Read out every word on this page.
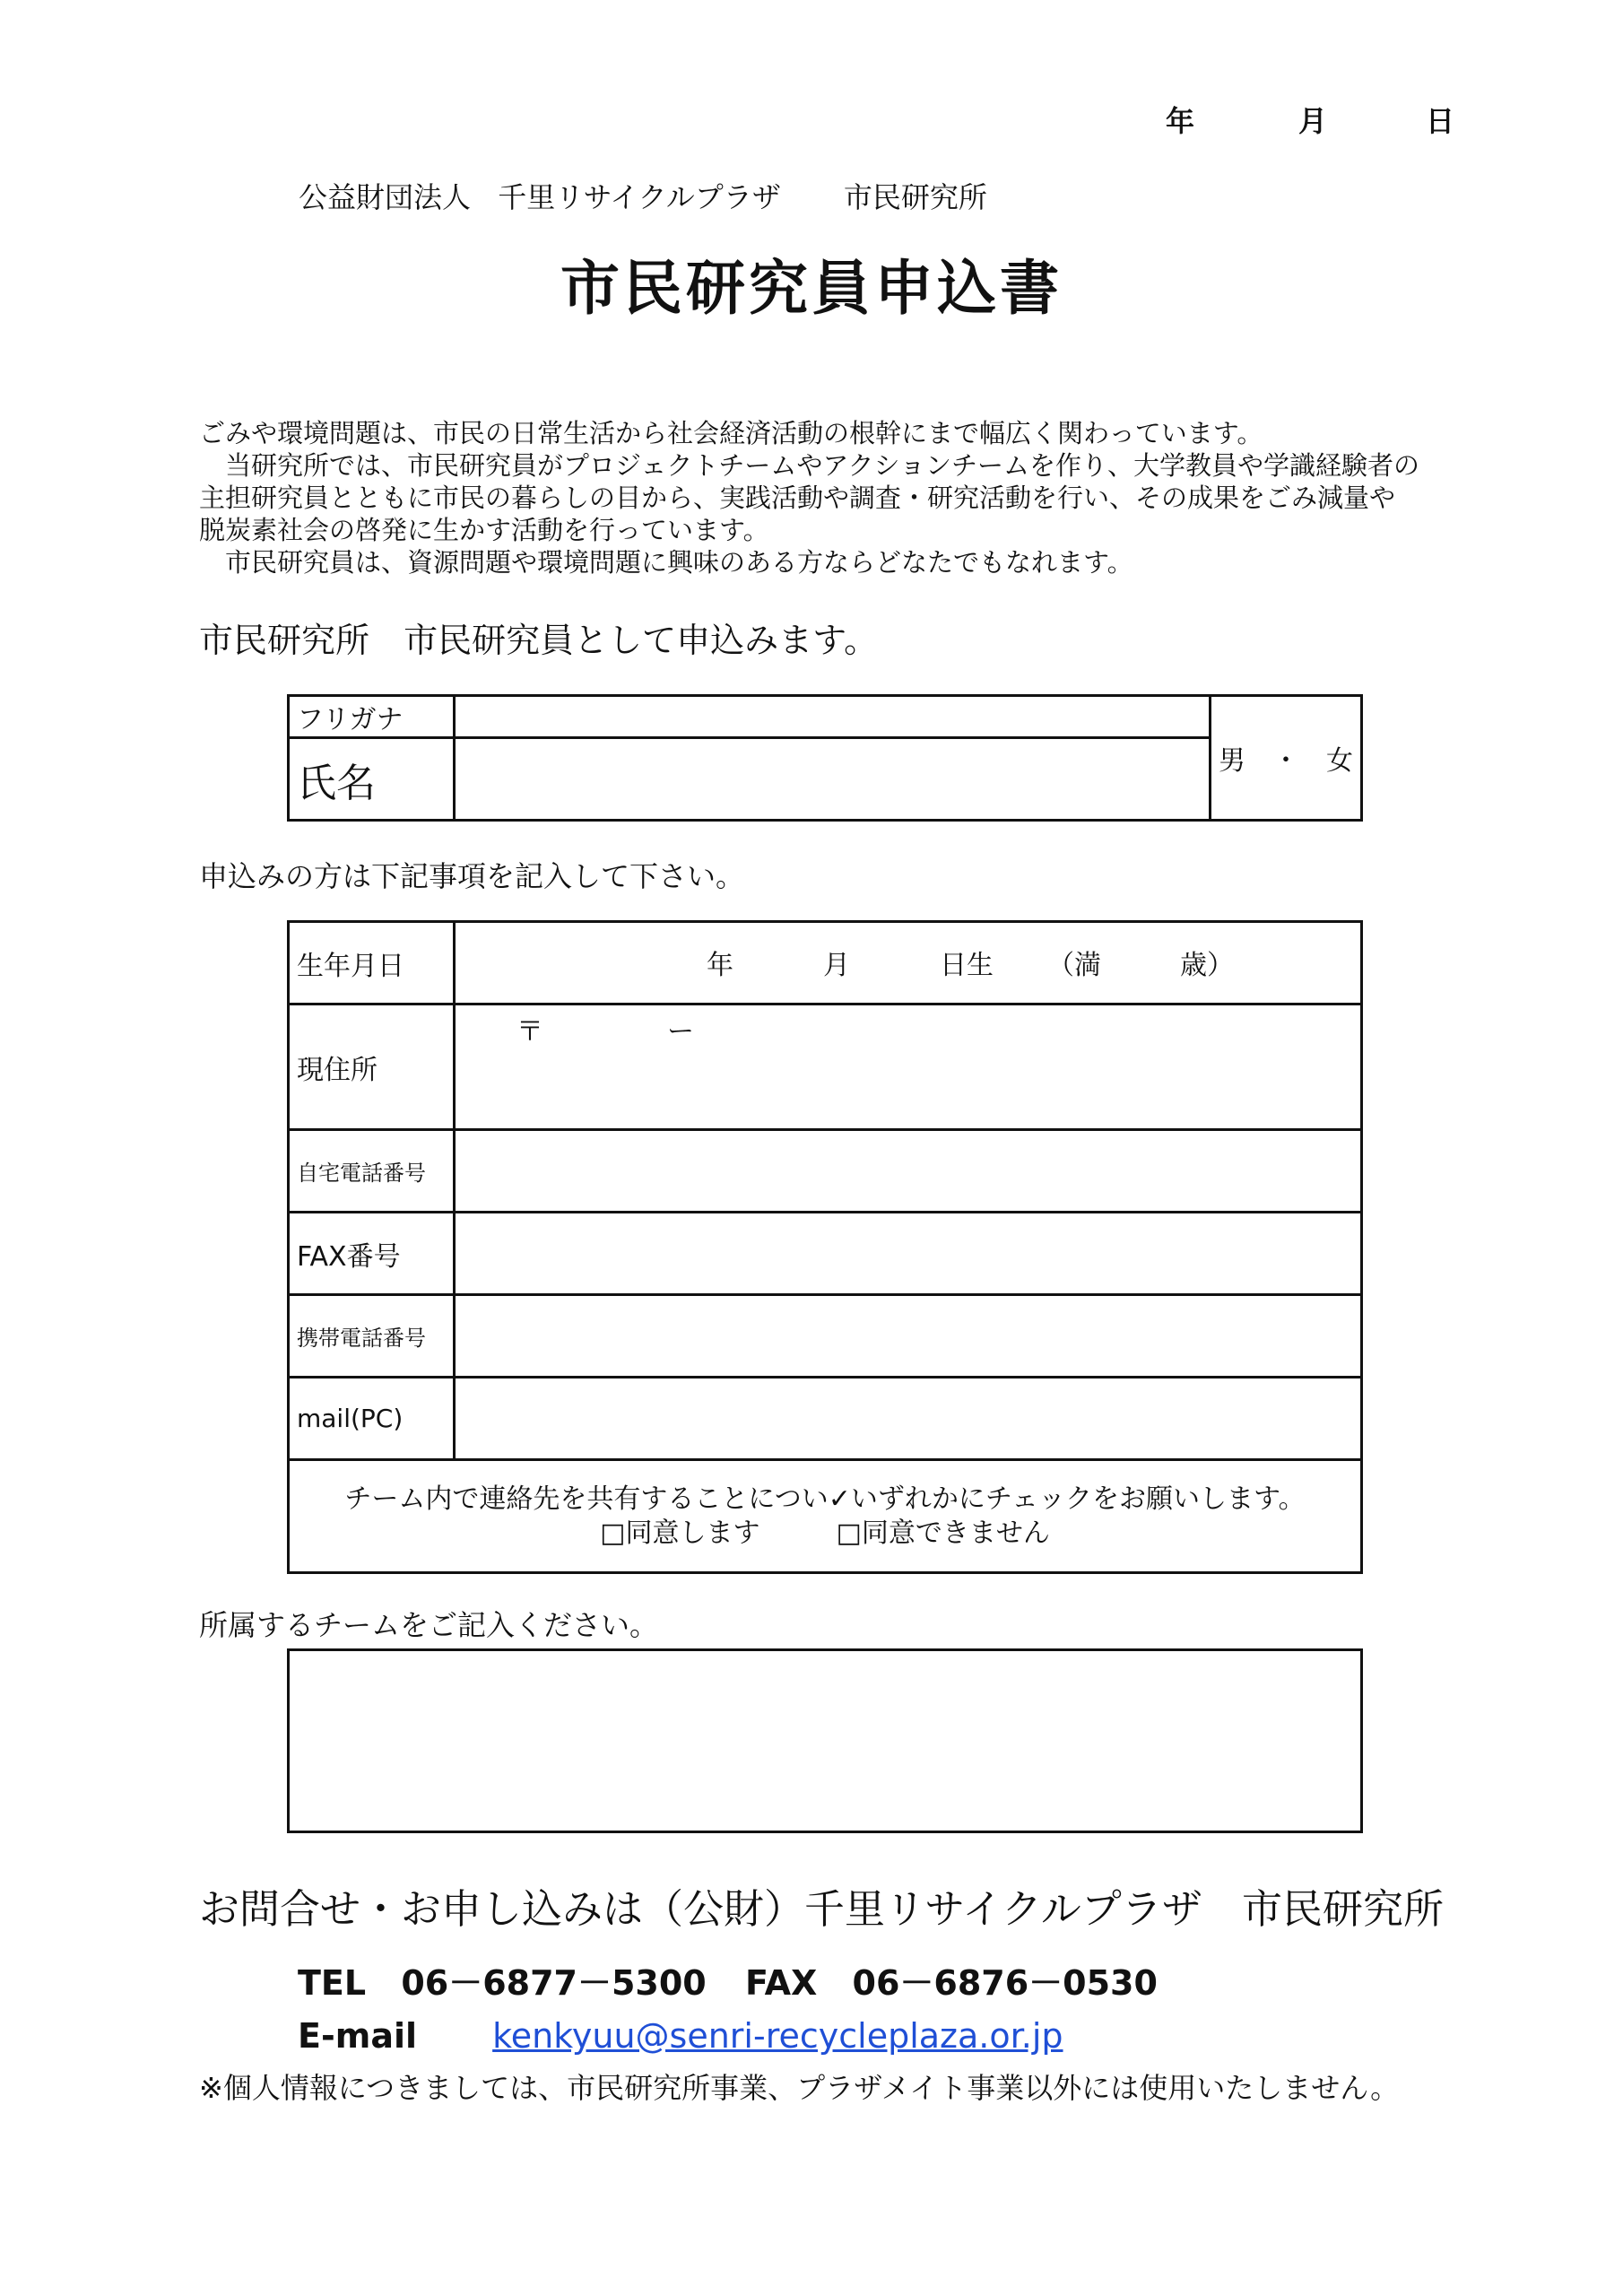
年	月	日
公益財団法人 千里リサイクルプラザ 市民研究所
市民研究員申込書

ごみや環境問題は、市民の日常生活から社会経済活動の根幹にまで幅広く関わっています。

　当研究所では、市民研究員がプロジェクトチームやアクションチームを作り、大学教員や学識経験者の

主担研究員とともに市民の暮らしの目から、実践活動や調査・研究活動を行い、その成果をごみ減量や

脱炭素社会の啓発に生かす活動を行っています。

　市民研究員は、資源問題や環境問題に興味のある方ならどなたでもなれます。

市民研究所 市民研究員として申込みます。
フリガナ		男　・　女
氏名		
申込みの方は下記事項を記入して下さい。
生年月日	年 月 日生 （満 歳）

現住所	〒 ー

自宅電話番号	
FAX番号	
携帯電話番号	
mail(PC)	

チーム内で連絡先を共有することについ✓いずれかにチェックをお願いします。
□同意します □同意できません	
所属するチームをご記入ください。
お問合せ・お申し込みは（公財）千里リサイクルプラザ 市民研究所
TEL 06－6877－5300 FAX 06－6876－0530
E-mail kenkyuu@senri-recycleplaza.or.jp
※個人情報につきましては、市民研究所事業、プラザメイト事業以外には使用いたしません。
